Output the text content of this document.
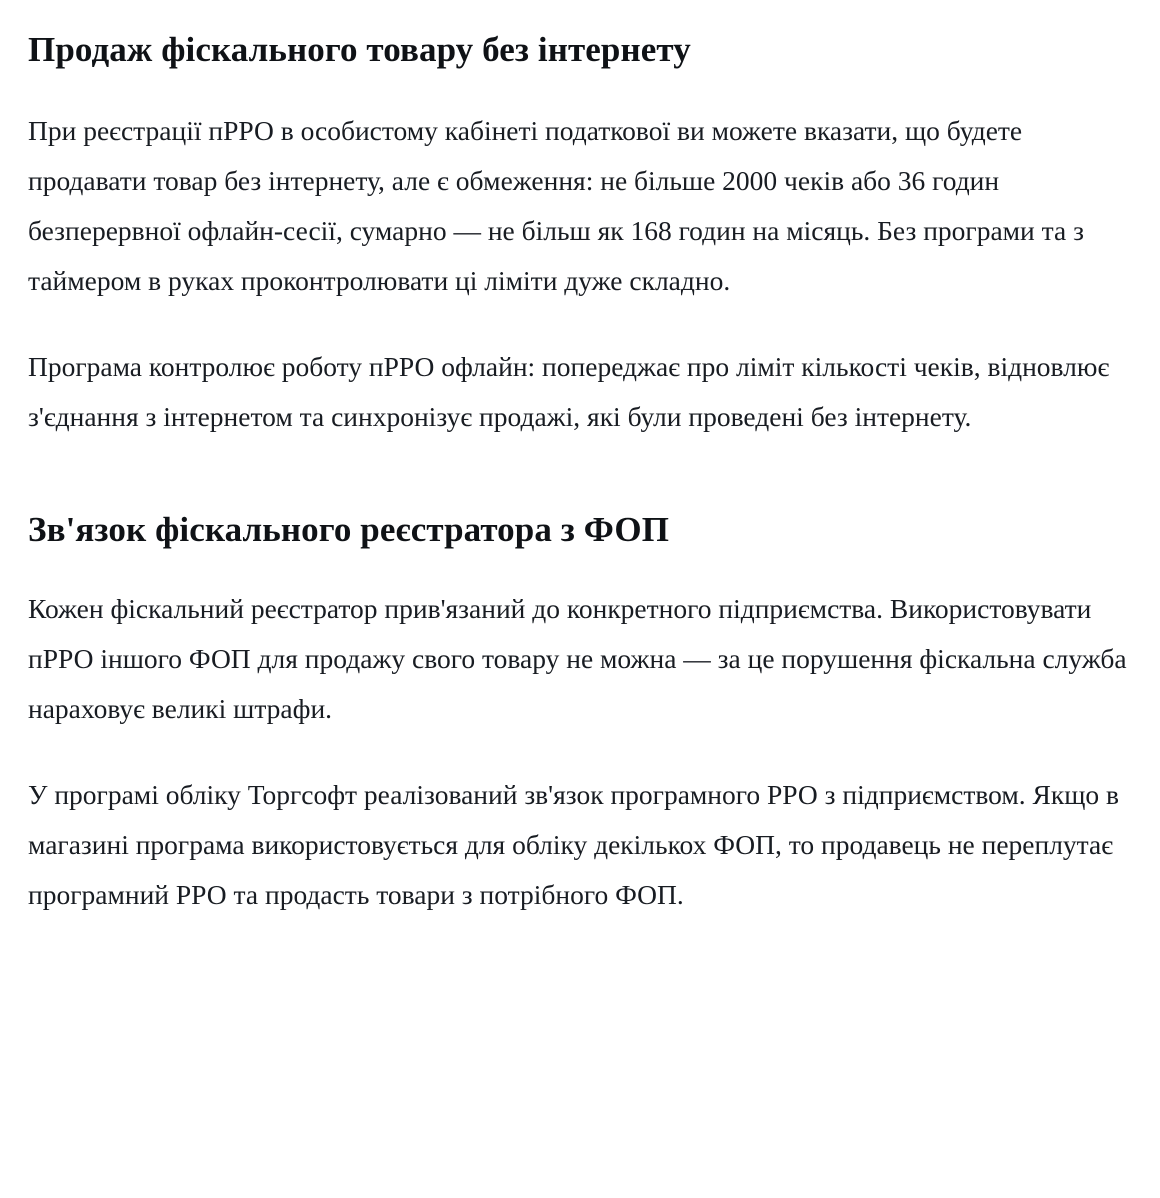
Продаж фіскального товару без інтернету

При реєстрації пРРО в особистому кабінеті податкової ви можете вказати, що будете продавати товар без інтернету, але є обмеження: не більше 2000 чеків або 36 годин безперервної офлайн-сесії, сумарно — не більш як 168 годин на місяць. Без програми та з таймером в руках проконтролювати ці ліміти дуже складно.

Програма контролює роботу пРРО офлайн: попереджає про ліміт кількості чеків, відновлює з'єднання з інтернетом та синхронізує продажі, які були проведені без інтернету.

Зв'язок фіскального реєстратора з ФОП

Кожен фіскальний реєстратор прив'язаний до конкретного підприємства. Використовувати пРРО іншого ФОП для продажу свого товару не можна — за це порушення фіскальна служба нараховує великі штрафи.

У програмі обліку Торгсофт реалізований зв'язок програмного РРО з підприємством. Якщо в магазині програма використовується для обліку декількох ФОП, то продавець не переплутає програмний РРО та продасть товари з потрібного ФОП.
